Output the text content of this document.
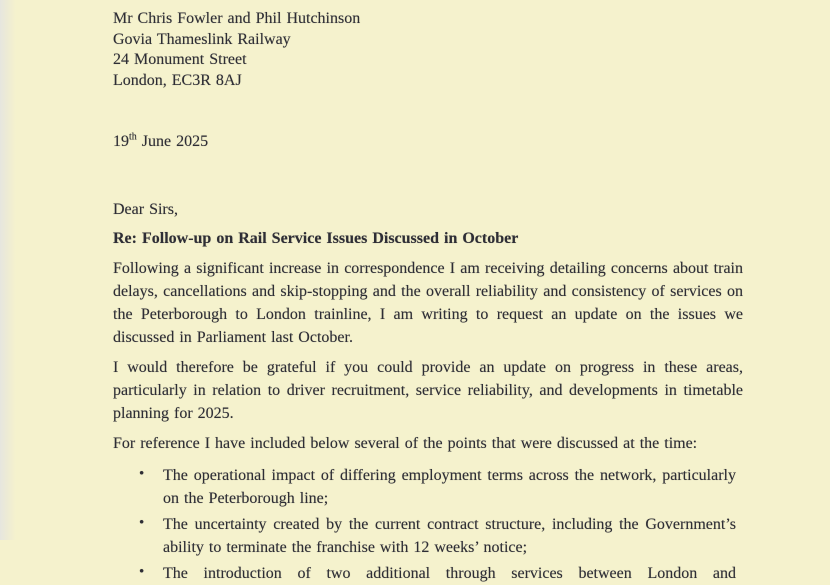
Mr Chris Fowler and Phil Hutchinson
Govia Thameslink Railway
24 Monument Street
London, EC3R 8AJ
19th June 2025

Dear Sirs,

Re: Follow-up on Rail Service Issues Discussed in October

Following a significant increase in correspondence I am receiving detailing concerns about train delays, cancellations and skip-stopping and the overall reliability and consistency of services on the Peterborough to London trainline, I am writing to request an update on the issues we discussed in Parliament last October.

I would therefore be grateful if you could provide an update on progress in these areas, particularly in relation to driver recruitment, service reliability, and developments in timetable planning for 2025.

For reference I have included below several of the points that were discussed at the time:

• The operational impact of differing employment terms across the network, particularly on the Peterborough line;
• The uncertainty created by the current contract structure, including the Government’s ability to terminate the franchise with 12 weeks’ notice;
• The introduction of two additional through services between London and
